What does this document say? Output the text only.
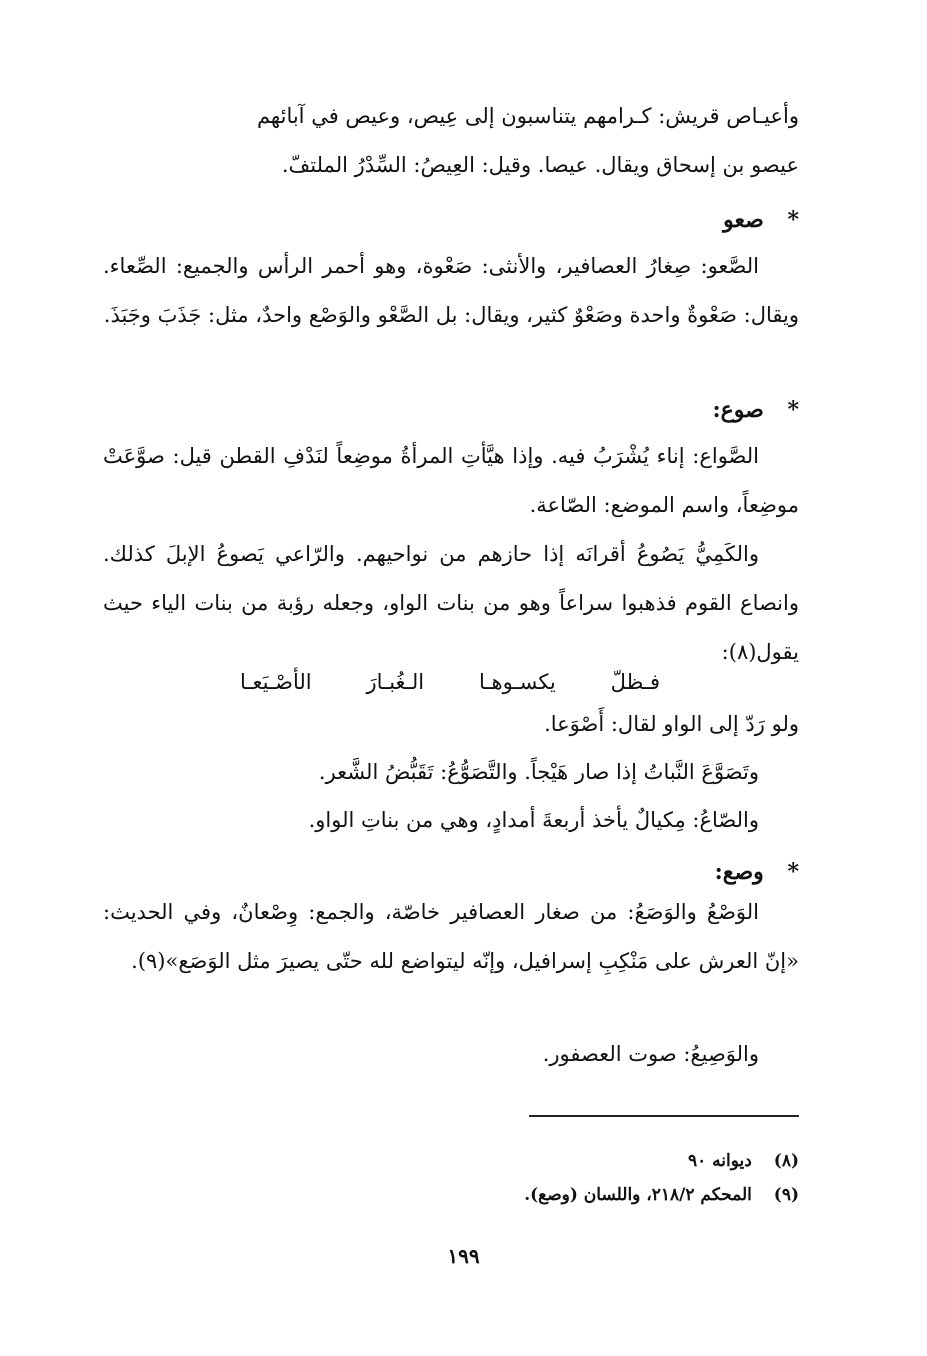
وأعيـاص قريش: كـرامهم يتناسبون إلى عِيص، وعيص في آبائهم
عيصو بن إسحاق ويقال. عيصا. وقيل: العِيصُ: السِّدْرُ الملتفّ.
* صعو
الصَّعو: صِغارُ العصافير، والأنثى: صَعْوة، وهو أحمر الرأس والجميع: الصِّعاء. ويقال: صَعْوةٌ واحدة وصَعْوٌ كثير، ويقال: بل الصَّعْو والوَصْع واحدٌ، مثل: جَذَبَ وجَبَذَ.
* صوع:
الصَّواع: إناء يُشْرَبُ فيه. وإذا هيَّأتِ المرأةُ موضِعاً لنَدْفِ القطن قيل: صوَّعَتْ موضِعاً، واسم الموضع: الصّاعة.
والكَمِيُّ يَصُوعُ أقرانَه إذا حازهم من نواحيهم. والرّاعي يَصوعُ الإبلَ كذلك. وانصاع القوم فذهبوا سراعاً وهو من بنات الواو، وجعله رؤبة من بنات الياء حيث يقول(٨):
فـظلّ يكسـوهـا الـغُبـارَ الأصْـيَعـا
ولو رَدّ إلى الواو لقال: أَصْوَعا.
وتَصَوَّعَ النَّباتُ إذا صار هَيْجاً. والتَّصَوُّعُ: تَقَبُّضُ الشَّعر.
والصّاعُ: مِكيالٌ يأخذ أربعةَ أمدادٍ، وهي من بناتِ الواو.
* وصع:
الوَصْعُ والوَصَعُ: من صغار العصافير خاصّة، والجمع: وِصْعانٌ، وفي الحديث: «إنّ العرش على مَنْكِبِ إسرافيل، وإنّه ليتواضع لله حتّى يصيرَ مثل الوَصَع»(٩).
والوَصِيعُ: صوت العصفور.
(٨) ديوانه ٩٠
(٩) المحكم ٢١٨/٢، واللسان (وصع).
١٩٩
